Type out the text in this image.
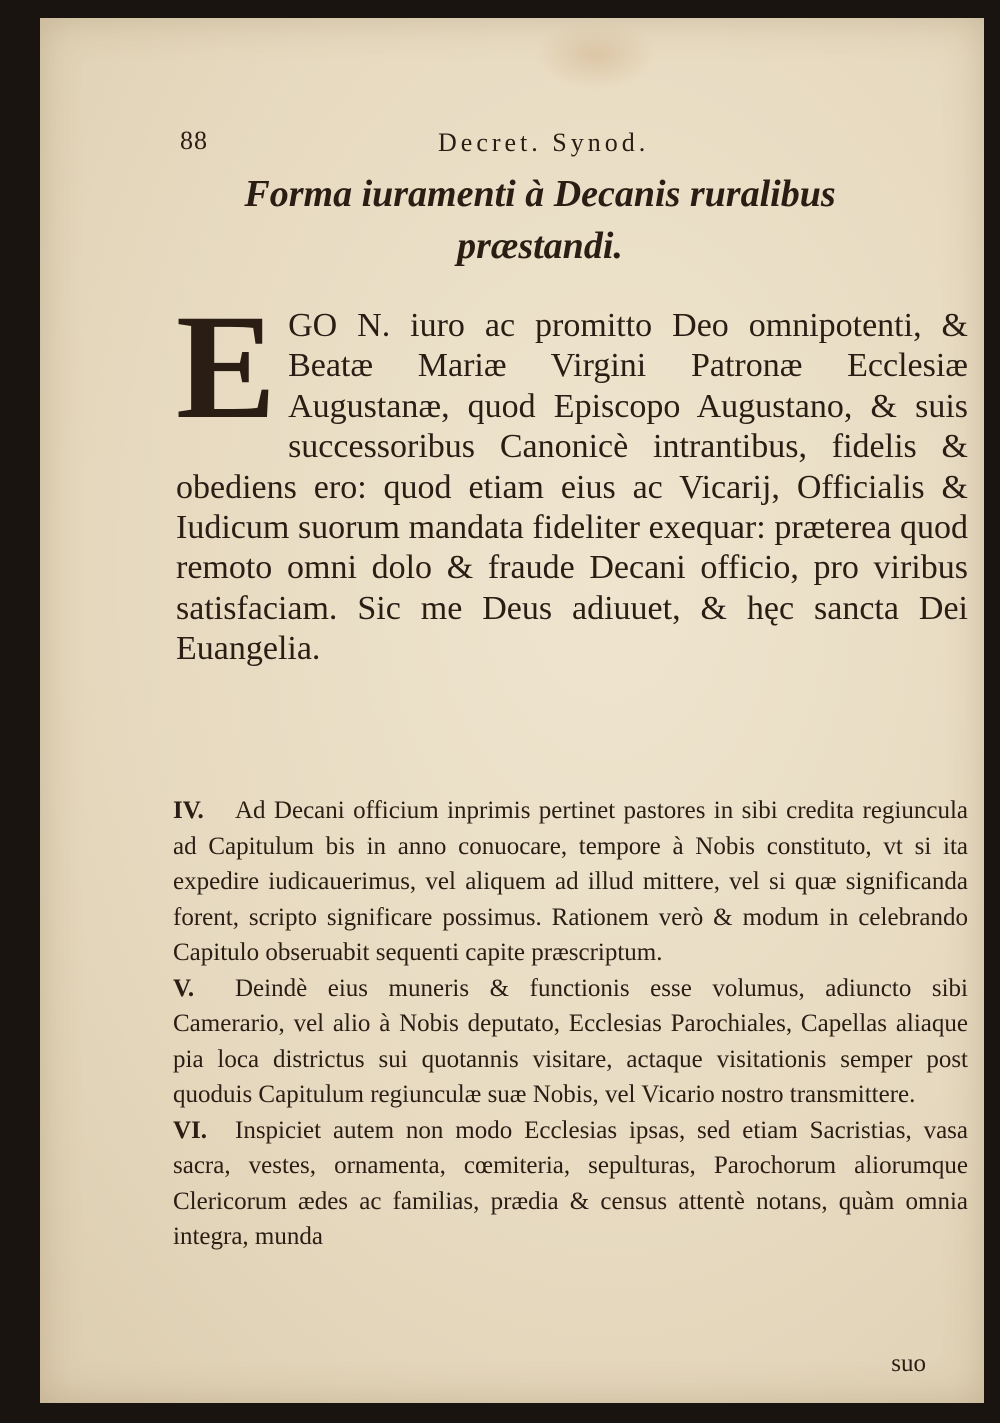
88	Decret. Synod.
Forma iuramenti à Decanis ruralibus
præstandi.
E GO N. iuro ac promitto Deo omnipotenti, & Beatæ Mariæ Virgini Patronæ Ecclesiæ Augustanæ, quod Episcopo Augustano, & suis successoribus Canonicè intrantibus, fidelis & obediens ero: quod etiam eius ac Vicarij, Officialis & Iudicum suorum mandata fideliter exequar: præterea quod remoto omni dolo & fraude Decani officio, pro viribus satisfaciam. Sic me Deus adiuuet, & hęc sancta Dei Euangelia.

IV. Ad Decani officium inprimis pertinet pastores in sibi credita regiuncula ad Capitulum bis in anno conuocare, tempore à Nobis constituto, vt si ita expedire iudicauerimus, vel aliquem ad illud mittere, vel si quæ significanda forent, scripto significare possimus. Rationem verò & modum in celebrando Capitulo obseruabit sequenti capite præscriptum.

V. Deindè eius muneris & functionis esse volumus, adiuncto sibi Camerario, vel alio à Nobis deputato, Ecclesias Parochiales, Capellas aliaque pia loca districtus sui quotannis visitare, actaque visitationis semper post quoduis Capitulum regiunculæ suæ Nobis, vel Vicario nostro transmittere.

VI. Inspiciet autem non modo Ecclesias ipsas, sed etiam Sacristias, vasa sacra, vestes, ornamenta, cœmiteria, sepulturas, Parochorum aliorumque Clericorum ædes ac familias, prædia & census attentè notans, quàm omnia integra, munda

suo
